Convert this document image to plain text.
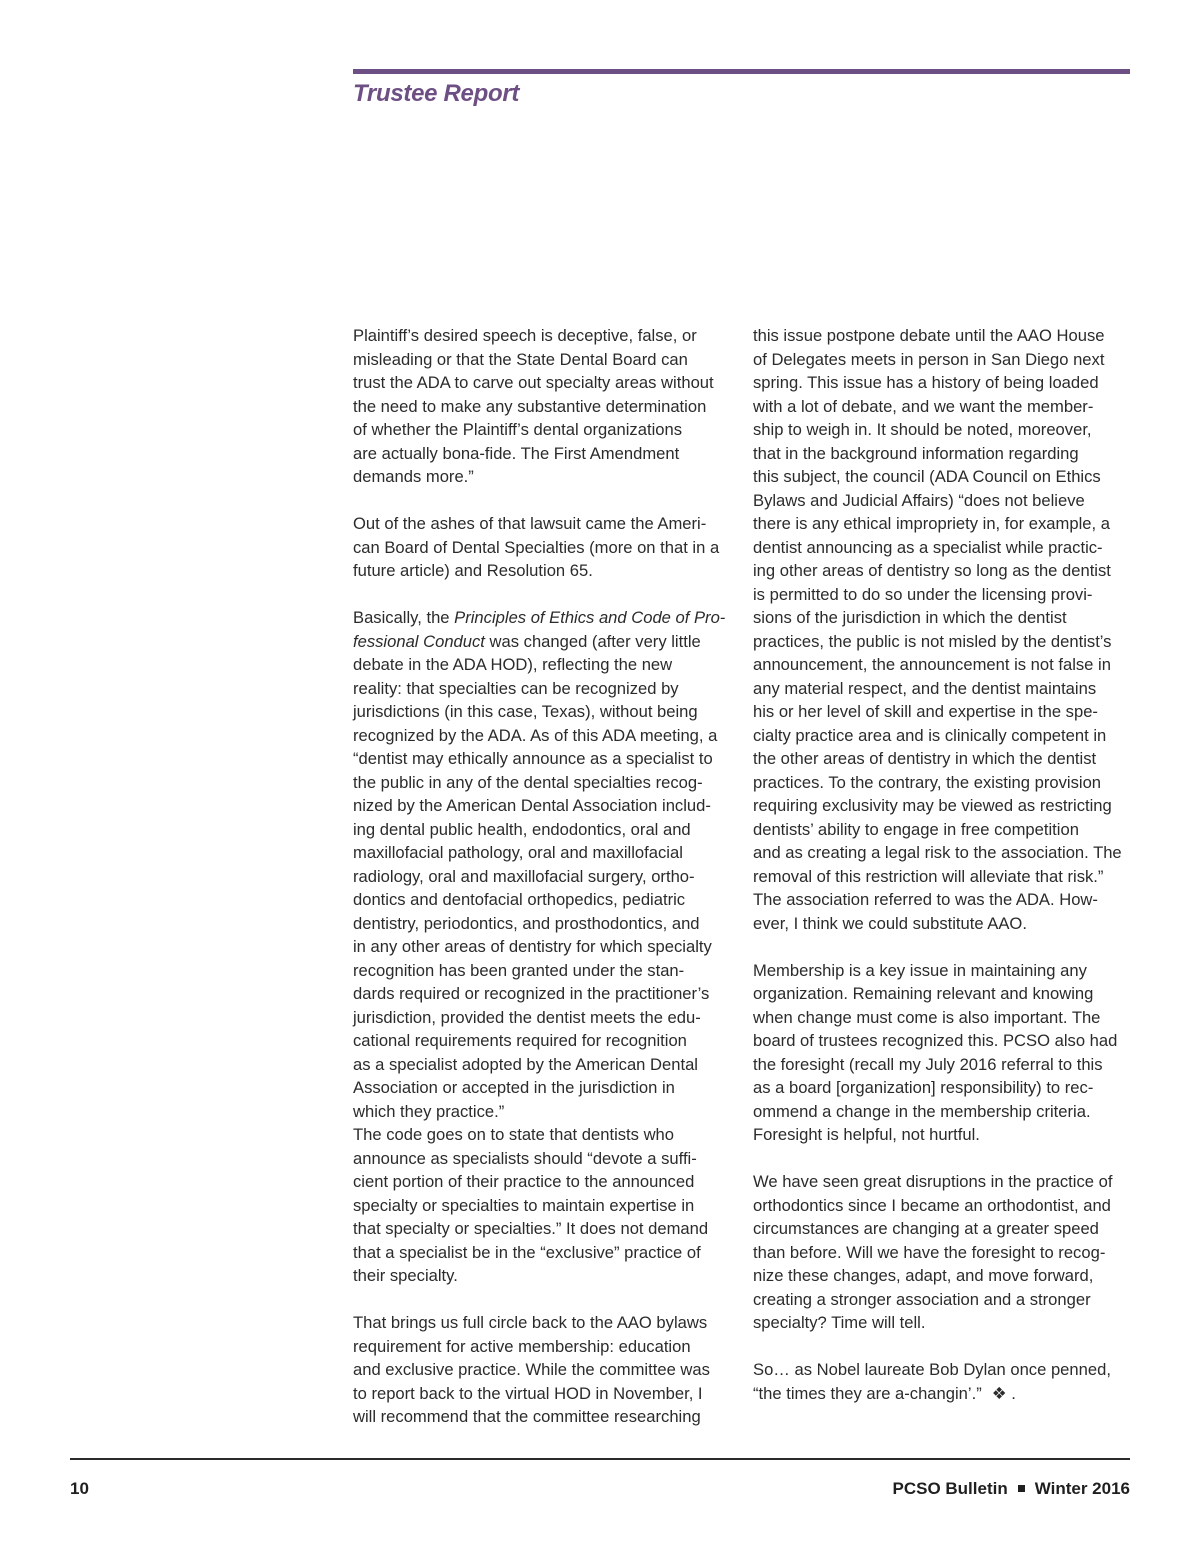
Trustee Report

Plaintiff’s desired speech is deceptive, false, or
misleading or that the State Dental Board can
trust the ADA to carve out specialty areas without
the need to make any substantive determination
of whether the Plaintiff’s dental organizations
are actually bona-fide. The First Amendment
demands more.”

Out of the ashes of that lawsuit came the Ameri-
can Board of Dental Specialties (more on that in a
future article) and Resolution 65.

Basically, the Principles of Ethics and Code of Pro-
fessional Conduct was changed (after very little
debate in the ADA HOD), reflecting the new
reality: that specialties can be recognized by
jurisdictions (in this case, Texas), without being
recognized by the ADA. As of this ADA meeting, a
“dentist may ethically announce as a specialist to
the public in any of the dental specialties recog-
nized by the American Dental Association includ-
ing dental public health, endodontics, oral and
maxillofacial pathology, oral and maxillofacial
radiology, oral and maxillofacial surgery, ortho-
dontics and dentofacial orthopedics, pediatric
dentistry, periodontics, and prosthodontics, and
in any other areas of dentistry for which specialty
recognition has been granted under the stan-
dards required or recognized in the practitioner’s
jurisdiction, provided the dentist meets the edu-
cational requirements required for recognition
as a specialist adopted by the American Dental
Association or accepted in the jurisdiction in
which they practice.”

The code goes on to state that dentists who
announce as specialists should “devote a suffi-
cient portion of their practice to the announced
specialty or specialties to maintain expertise in
that specialty or specialties.” It does not demand
that a specialist be in the “exclusive” practice of
their specialty.

That brings us full circle back to the AAO bylaws
requirement for active membership: education
and exclusive practice. While the committee was
to report back to the virtual HOD in November, I
will recommend that the committee researching

this issue postpone debate until the AAO House
of Delegates meets in person in San Diego next
spring. This issue has a history of being loaded
with a lot of debate, and we want the member-
ship to weigh in. It should be noted, moreover,
that in the background information regarding
this subject, the council (ADA Council on Ethics
Bylaws and Judicial Affairs) “does not believe
there is any ethical impropriety in, for example, a
dentist announcing as a specialist while practic-
ing other areas of dentistry so long as the dentist
is permitted to do so under the licensing provi-
sions of the jurisdiction in which the dentist
practices, the public is not misled by the dentist’s
announcement, the announcement is not false in
any material respect, and the dentist maintains
his or her level of skill and expertise in the spe-
cialty practice area and is clinically competent in
the other areas of dentistry in which the dentist
practices. To the contrary, the existing provision
requiring exclusivity may be viewed as restricting
dentists’ ability to engage in free competition
and as creating a legal risk to the association. The
removal of this restriction will alleviate that risk.”
The association referred to was the ADA. How-
ever, I think we could substitute AAO.

Membership is a key issue in maintaining any
organization. Remaining relevant and knowing
when change must come is also important. The
board of trustees recognized this. PCSO also had
the foresight (recall my July 2016 referral to this
as a board [organization] responsibility) to rec-
ommend a change in the membership criteria.
Foresight is helpful, not hurtful.

We have seen great disruptions in the practice of
orthodontics since I became an orthodontist, and
circumstances are changing at a greater speed
than before. Will we have the foresight to recog-
nize these changes, adapt, and move forward,
creating a stronger association and a stronger
specialty? Time will tell.

So… as Nobel laureate Bob Dylan once penned,
“the times they are a-changin’.” ❖ .

10	PCSO Bulletin Winter 2016
